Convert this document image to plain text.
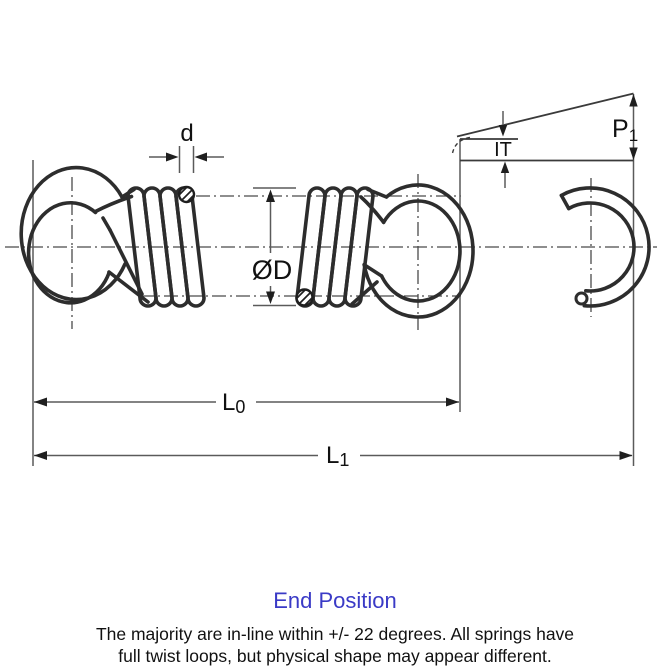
d
ØD
IT
P1
L0
L1
End Position
The majority are in-line within +/- 22 degrees. All springs have
full twist loops, but physical shape may appear different.
